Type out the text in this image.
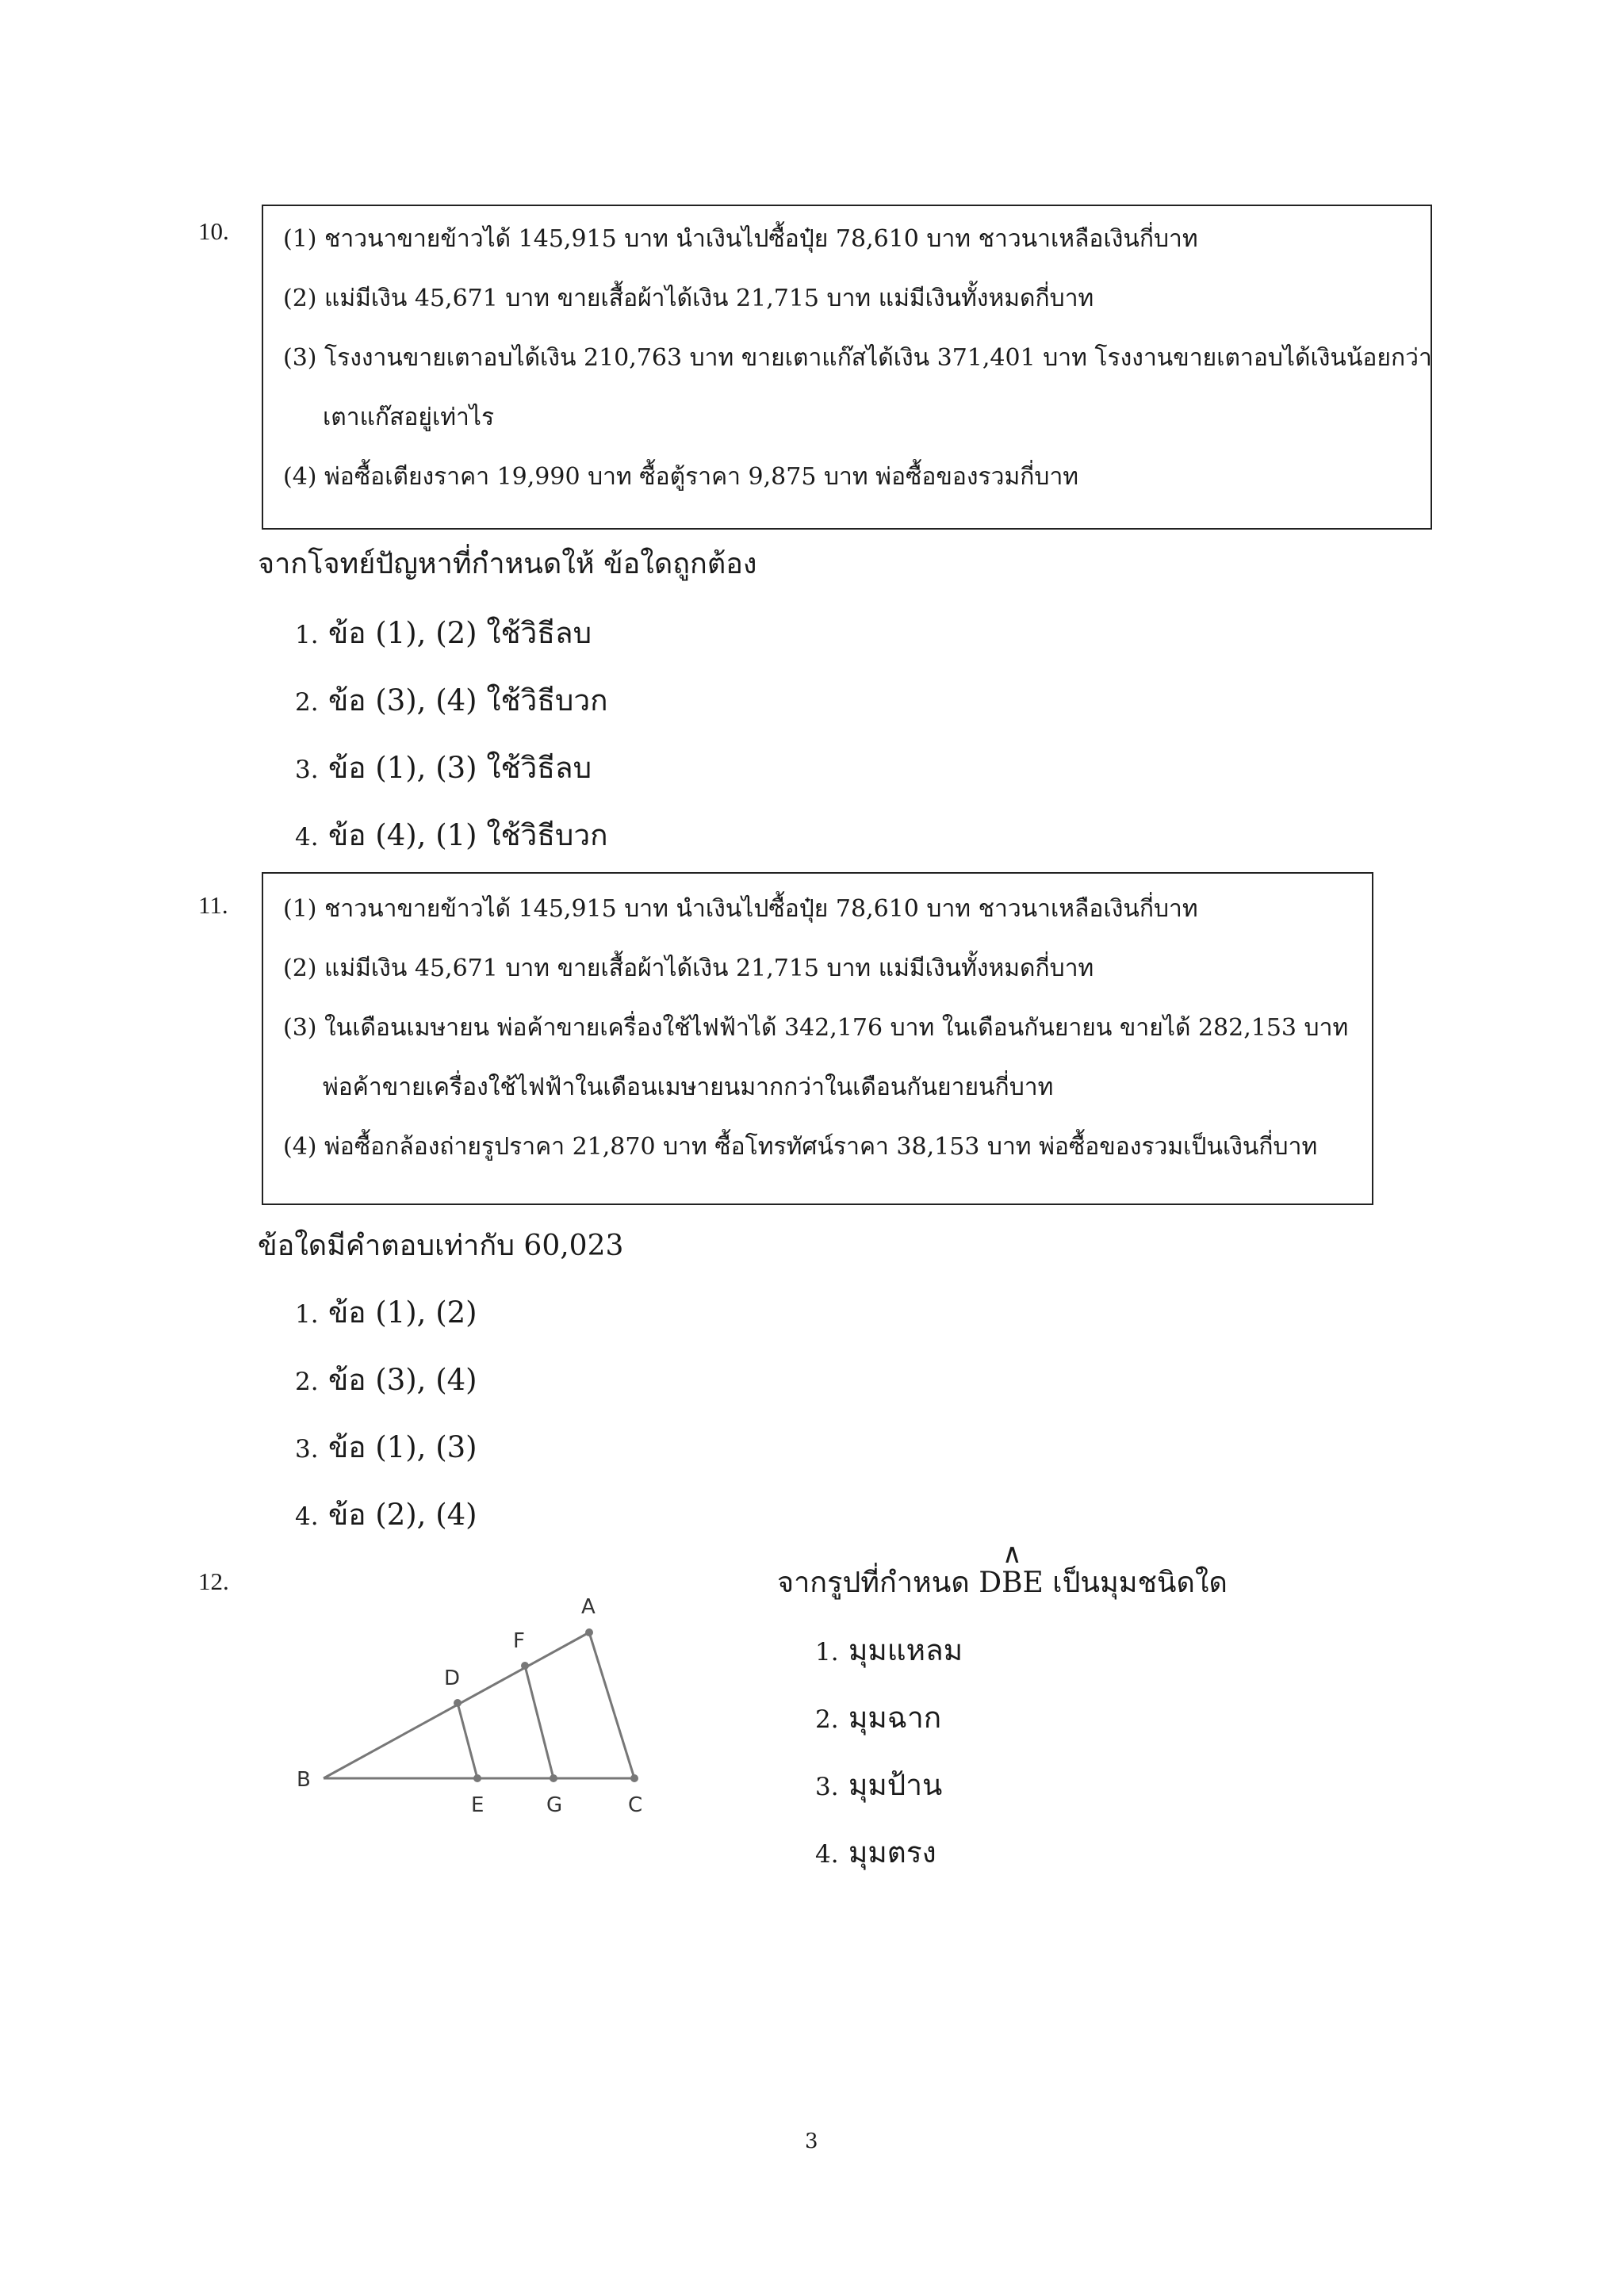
10. (1) ชาวนาขายข้าวได้ 145,915 บาท นำเงินไปซื้อปุ๋ย 78,610 บาท ชาวนาเหลือเงินกี่บาท
(2) แม่มีเงิน 45,671 บาท ขายเสื้อผ้าได้เงิน 21,715 บาท แม่มีเงินทั้งหมดกี่บาท
(3) โรงงานขายเตาอบได้เงิน 210,763 บาท ขายเตาแก๊สได้เงิน 371,401 บาท โรงงานขายเตาอบได้เงินน้อยกว่า
เตาแก๊สอยู่เท่าไร
(4) พ่อซื้อเตียงราคา 19,990 บาท ซื้อตู้ราคา 9,875 บาท พ่อซื้อของรวมกี่บาท
จากโจทย์ปัญหาที่กำหนดให้ ข้อใดถูกต้อง
1. ข้อ (1), (2) ใช้วิธีลบ
2. ข้อ (3), (4) ใช้วิธีบวก
3. ข้อ (1), (3) ใช้วิธีลบ
4. ข้อ (4), (1) ใช้วิธีบวก
11. (1) ชาวนาขายข้าวได้ 145,915 บาท นำเงินไปซื้อปุ๋ย 78,610 บาท ชาวนาเหลือเงินกี่บาท
(2) แม่มีเงิน 45,671 บาท ขายเสื้อผ้าได้เงิน 21,715 บาท แม่มีเงินทั้งหมดกี่บาท
(3) ในเดือนเมษายน พ่อค้าขายเครื่องใช้ไฟฟ้าได้ 342,176 บาท ในเดือนกันยายน ขายได้ 282,153 บาท
พ่อค้าขายเครื่องใช้ไฟฟ้าในเดือนเมษายนมากกว่าในเดือนกันยายนกี่บาท
(4) พ่อซื้อกล้องถ่ายรูปราคา 21,870 บาท ซื้อโทรทัศน์ราคา 38,153 บาท พ่อซื้อของรวมเป็นเงินกี่บาท
ข้อใดมีคำตอบเท่ากับ 60,023
1. ข้อ (1), (2)
2. ข้อ (3), (4)
3. ข้อ (1), (3)
4. ข้อ (2), (4)
12.
A
F
D
B
E	G	C
จากรูปที่กำหนด D∧ BE เป็นมุมชนิดใด
1. มุมแหลม
2. มุมฉาก
3. มุมป้าน
4. มุมตรง
3
